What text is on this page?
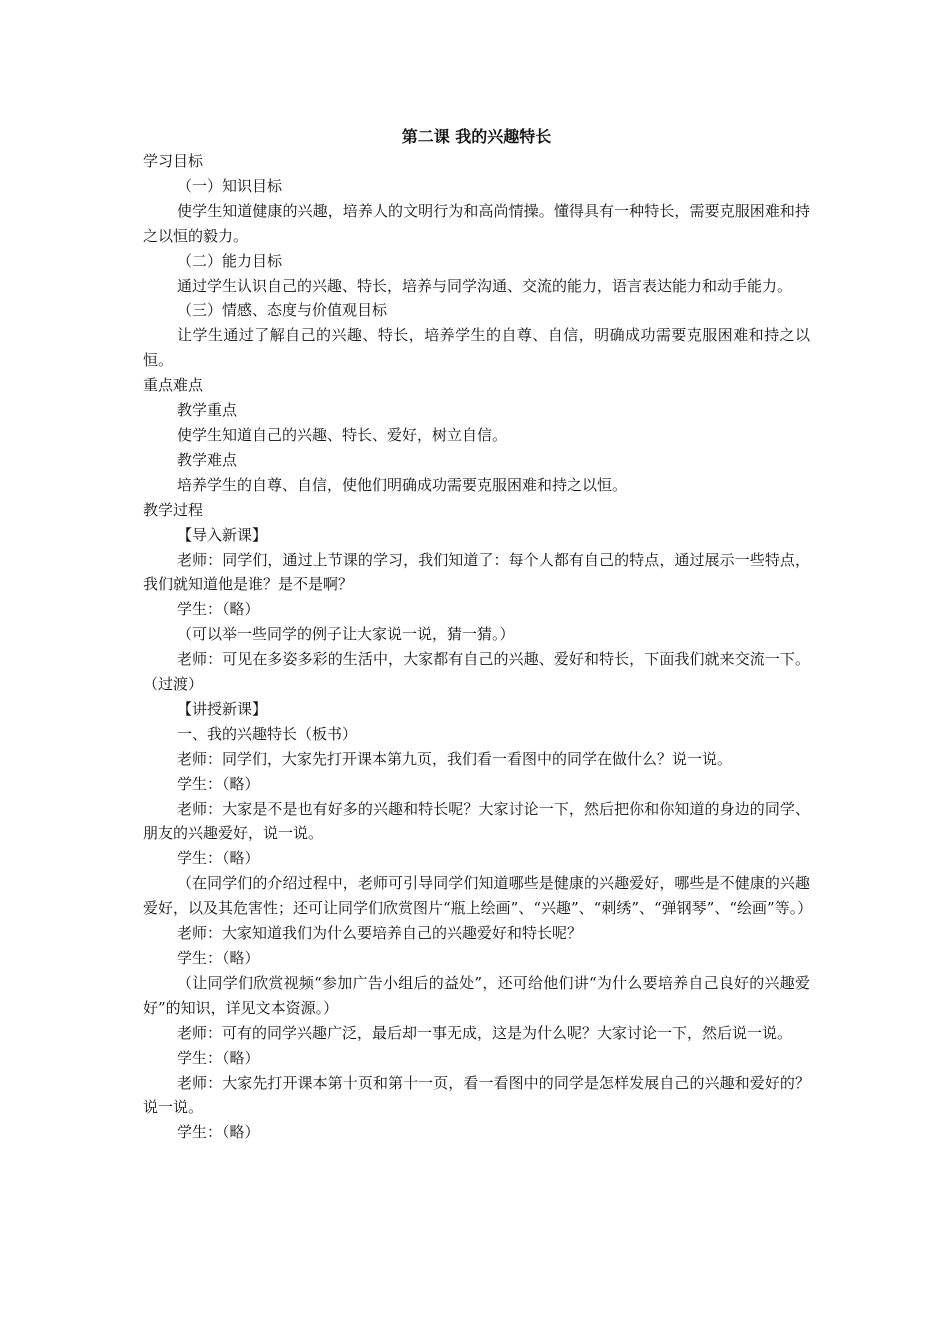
第二课 我的兴趣特长

学习目标

（一）知识目标

使学生知道健康的兴趣，培养人的文明行为和高尚情操。懂得具有一种特长，需要克服困难和持之以恒的毅力。

（二）能力目标

通过学生认识自己的兴趣、特长，培养与同学沟通、交流的能力，语言表达能力和动手能力。

（三）情感、态度与价值观目标

让学生通过了解自己的兴趣、特长，培养学生的自尊、自信，明确成功需要克服困难和持之以恒。

重点难点

教学重点

使学生知道自己的兴趣、特长、爱好，树立自信。

教学难点

培养学生的自尊、自信，使他们明确成功需要克服困难和持之以恒。

教学过程

【导入新课】

老师：同学们，通过上节课的学习，我们知道了：每个人都有自己的特点，通过展示一些特点，我们就知道他是谁？是不是啊？

学生：（略）

（可以举一些同学的例子让大家说一说，猜一猜。）

老师：可见在多姿多彩的生活中，大家都有自己的兴趣、爱好和特长，下面我们就来交流一下。（过渡）

【讲授新课】

一、我的兴趣特长（板书）

老师：同学们，大家先打开课本第九页，我们看一看图中的同学在做什么？说一说。

学生：（略）

老师：大家是不是也有好多的兴趣和特长呢？大家讨论一下，然后把你和你知道的身边的同学、朋友的兴趣爱好，说一说。

学生：（略）

（在同学们的介绍过程中，老师可引导同学们知道哪些是健康的兴趣爱好，哪些是不健康的兴趣爱好，以及其危害性；还可让同学们欣赏图片“瓶上绘画”、“兴趣”、“刺绣”、“弹钢琴”、“绘画”等。）

老师：大家知道我们为什么要培养自己的兴趣爱好和特长呢？

学生：（略）

（让同学们欣赏视频“参加广告小组后的益处”，还可给他们讲“为什么要培养自己良好的兴趣爱好”的知识，详见文本资源。）

老师：可有的同学兴趣广泛，最后却一事无成，这是为什么呢？大家讨论一下，然后说一说。

学生：（略）

老师：大家先打开课本第十页和第十一页，看一看图中的同学是怎样发展自己的兴趣和爱好的？说一说。

学生：（略）
